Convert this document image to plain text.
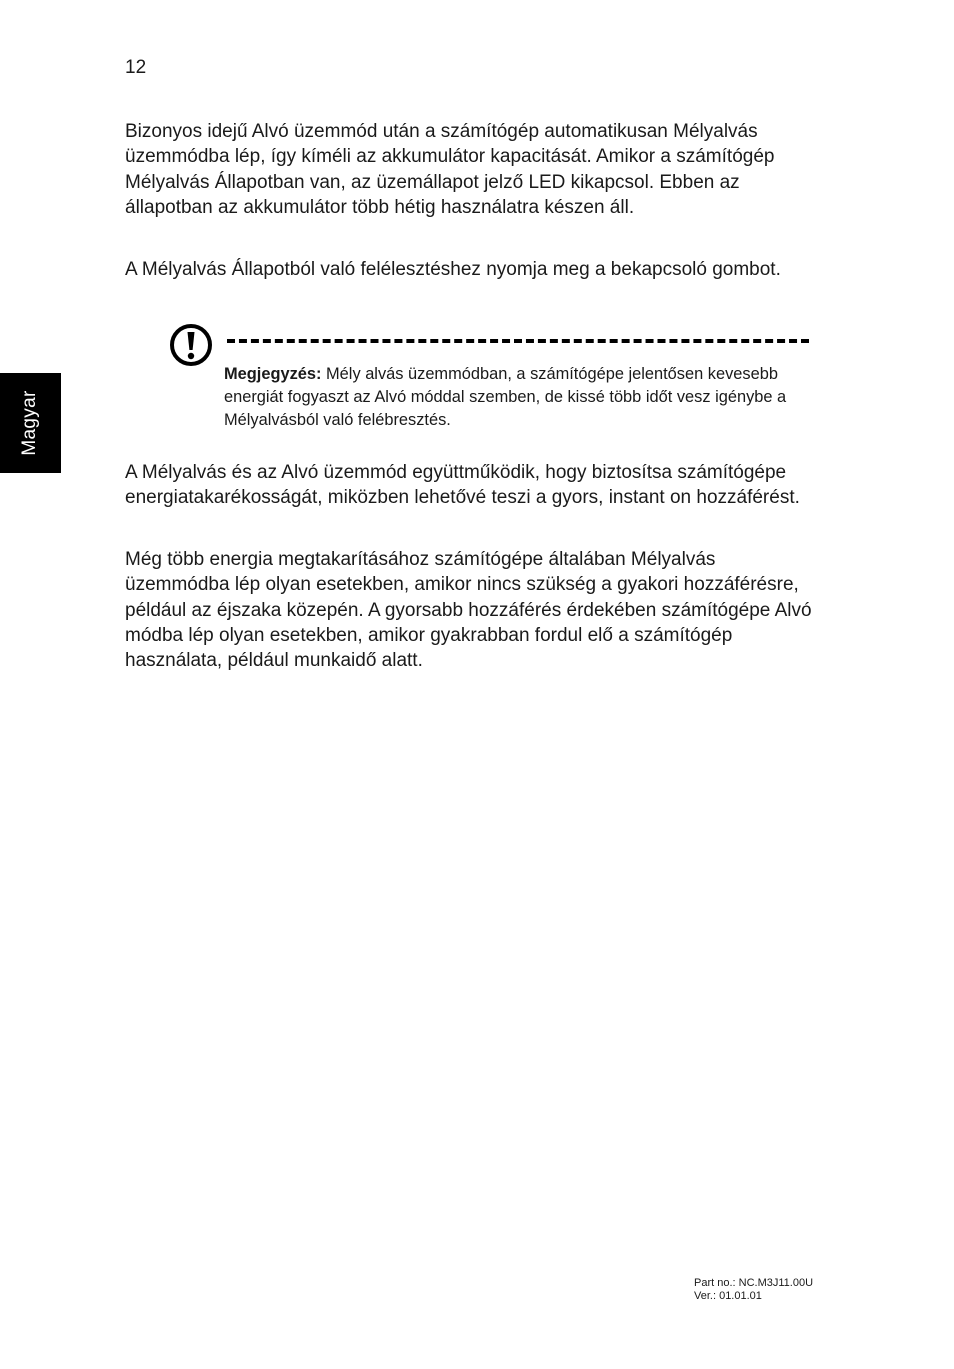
12
Magyar

Bizonyos idejű Alvó üzemmód után a számítógép automatikusan Mélyalvás üzemmódba lép, így kíméli az akkumulátor kapacitását. Amikor a számítógép Mélyalvás Állapotban van, az üzemállapot jelző LED kikapcsol. Ebben az állapotban az akkumulátor több hétig használatra készen áll.

A Mélyalvás Állapotból való felélesztéshez nyomja meg a bekapcsoló gombot.

Megjegyzés: Mély alvás üzemmódban, a számítógépe jelentősen kevesebb energiát fogyaszt az Alvó móddal szemben, de kissé több időt vesz igénybe a Mélyalvásból való felébresztés.

A Mélyalvás és az Alvó üzemmód együttműködik, hogy biztosítsa számítógépe energiatakarékosságát, miközben lehetővé teszi a gyors, instant on hozzáférést.

Még több energia megtakarításához számítógépe általában Mélyalvás üzemmódba lép olyan esetekben, amikor nincs szükség a gyakori hozzáférésre, például az éjszaka közepén. A gyorsabb hozzáférés érdekében számítógépe Alvó módba lép olyan esetekben, amikor gyakrabban fordul elő a számítógép használata, például munkaidő alatt.

Part no.: NC.M3J11.00U
Ver.: 01.01.01
